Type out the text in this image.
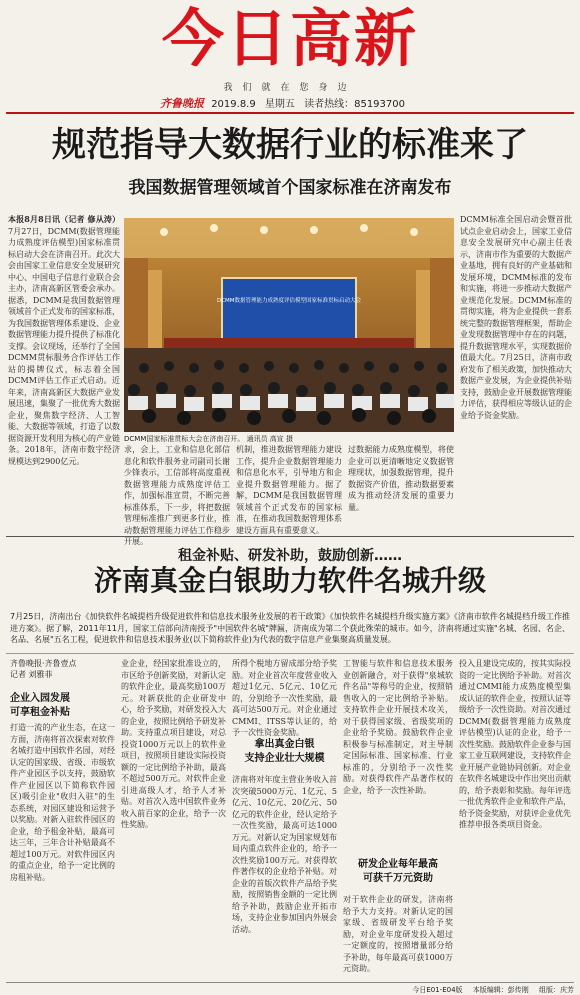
今日高新
我们就在您身边
齐鲁晚报 2019.8.9 星期五 读者热线：85193700
规范指导大数据行业的标准来了
我国数据管理领域首个国家标准在济南发布
本报8月8日讯（记者 修从涛）7月27日，DCMM(数据管理能力成熟度评估模型)国家标准贯标启动大会在济南召开。此次大会由国家工业信息安全发展研究中心、中国电子信息行业联合会主办，济南高新区管委会承办。据悉，DCMM是我国数据管理领域首个正式发布的国家标准，为我国数据管理体系建设、企业数据管理能力提升提供了标准化支撑。会议现场，还举行了全国DCMM贯标服务合作评估工作站的揭牌仪式，标志着全国DCMM评估工作正式启动。近年来，济南高新区大数据产业发展迅速，集聚了一批优秀大数据企业，聚焦数字经济、人工智能、大数据等领域，打造了以数据资源开发利用为核心的产业链条。2018年，济南市数字经济规模达到2900亿元。
DCMM数据管理能力成熟度评估模型国家标准贯标启动大会
DCMM国家标准贯标大会在济南召开。 通讯员 高宣 摄
求，会上，工业和信息化部信息化和软件服务业司副司长谢少锋表示，工信部将高度重视数据管理能力成熟度评估工作，加强标准宣贯，不断完善标准体系，下一步，将把数据管理标准推广到更多行业，推动数据管理能力评估工作稳步开展。
机制，推进数据管理能力建设工作，提升企业数据管理能力和信息化水平，引导地方和企业提升数据管理能力。据了解，DCMM是我国数据管理领域首个正式发布的国家标准，在推动我国数据管理体系建设方面具有重要意义。
过数据能力成熟度模型，将使企业可以更清晰地定义数据管理现状，加强数据管理，提升数据资产价值，推动数据要素成为推动经济发展的重要力量。
DCMM标准全国启动会暨首批试点企业启动会上，国家工业信息安全发展研究中心副主任表示，济南市作为重要的大数据产业基地，拥有良好的产业基础和发展环境，DCMM标准的发布和实施，将进一步推动大数据产业规范化发展。DCMM标准的贯彻实施，将为企业提供一套系统完整的数据管理框架，帮助企业发现数据管理中存在的问题，提升数据管理水平，实现数据价值最大化。7月25日，济南市政府发布了相关政策，加快推动大数据产业发展，为企业提供补贴支持，鼓励企业开展数据管理能力评估，获得相应等级认证的企业给予资金奖励。
租金补贴、研发补助，鼓励创新……
济南真金白银助力软件名城升级
7月25日，济南出台《加快软件名城提档升级促进软件和信息技术服务业发展的若干政策》《加快软件名城提档升级实施方案》《济南市软件名城提档升级工作推进方案》。据了解，2011年11月，国家工信部向济南授予"中国软件名城"牌匾，济南成为第二个获此殊荣的城市。如今，济南将通过实施"名城、名园、名企、名品、名展"五名工程，促进软件和信息技术服务业(以下简称软件业)为代表的数字信息产业集聚高质量发展。
齐鲁晚报·齐鲁壹点
记者 刘雅菲
企业入园发展
可享租金补贴
打造一流的产业生态，在这一方面，济南将首次探索对软件名城打造中国软件名园，对经认定的国家级、省级、市级软件产业园区予以支持，鼓励软件产业园区以下简称软件园区)吸引企业"收归入驻"的生态系统，对园区建设和运营予以奖励。对新入驻软件园区的企业，给予租金补贴，最高可达三年，三年合计补贴最高不超过100万元。对软件园区内的重点企业，给予一定比例的房租补贴。
业企业，经国家批准设立的，市区给予创新奖励，对新认定的软件企业，最高奖励100万元。对新获批的企业研发中心，给予奖励，对研发投入大的企业，按照比例给予研发补助。支持重点项目建设，对总投资1000万元以上的软件业项目，按照项目建设实际投资额的一定比例给予补助，最高不超过500万元。对软件企业引进高级人才，给予人才补贴。对首次入选中国软件业务收入前百家的企业，给予一次性奖励。
所得个税地方留成部分给予奖励。对企业首次年度营业收入超过1亿元、5亿元、10亿元的，分别给予一次性奖励，最高可达500万元。对企业通过CMMI、ITSS等认证的，给予一次性资金奖励。
拿出真金白银
支持企业壮大规模
济南将对年度主营业务收入首次突破5000万元、1亿元、5亿元、10亿元、20亿元、50亿元的软件企业，经认定给予一次性奖励，最高可达1000万元。对新认定为国家规划布局内重点软件企业的，给予一次性奖励100万元。对获得软件著作权的企业给予补贴。对企业的首版次软件产品给予奖励，按照销售金额的一定比例给予补助，鼓励企业开拓市场，支持企业参加国内外展会活动。
工智能与软件和信息技术服务业创新融合，对于获得"泉城软件名品"等称号的企业，按照销售收入的一定比例给予补贴。支持软件企业开展技术攻关，对于获得国家级、省级奖项的企业给予奖励。鼓励软件企业积极参与标准制定，对主导制定国际标准、国家标准、行业标准的，分别给予一次性奖励。对获得软件产品著作权的企业，给予一次性补助。
研发企业每年最高
可获千万元资助
对于软件企业的研发，济南将给予大力支持。对新认定的国家级、省级研发平台给予奖励，对企业年度研发投入超过一定额度的，按照增量部分给予补助，每年最高可获1000万元资助。
投入且建设完成的，按其实际投资的一定比例给予补助。对首次通过CMMI能力成熟度模型集成认证的软件企业，按照认证等级给予一次性资助。对首次通过DCMM(数据管理能力成熟度评估模型)认证的企业，给予一次性奖励。鼓励软件企业参与国家工业互联网建设，支持软件企业开展产业链协同创新。对企业在软件名城建设中作出突出贡献的，给予表彰和奖励。每年评选一批优秀软件企业和软件产品，给予资金奖励，对获评企业优先推荐申报各类项目资金。
今日E01-E04版 本版编辑：彭传刚 组版：庆芳
